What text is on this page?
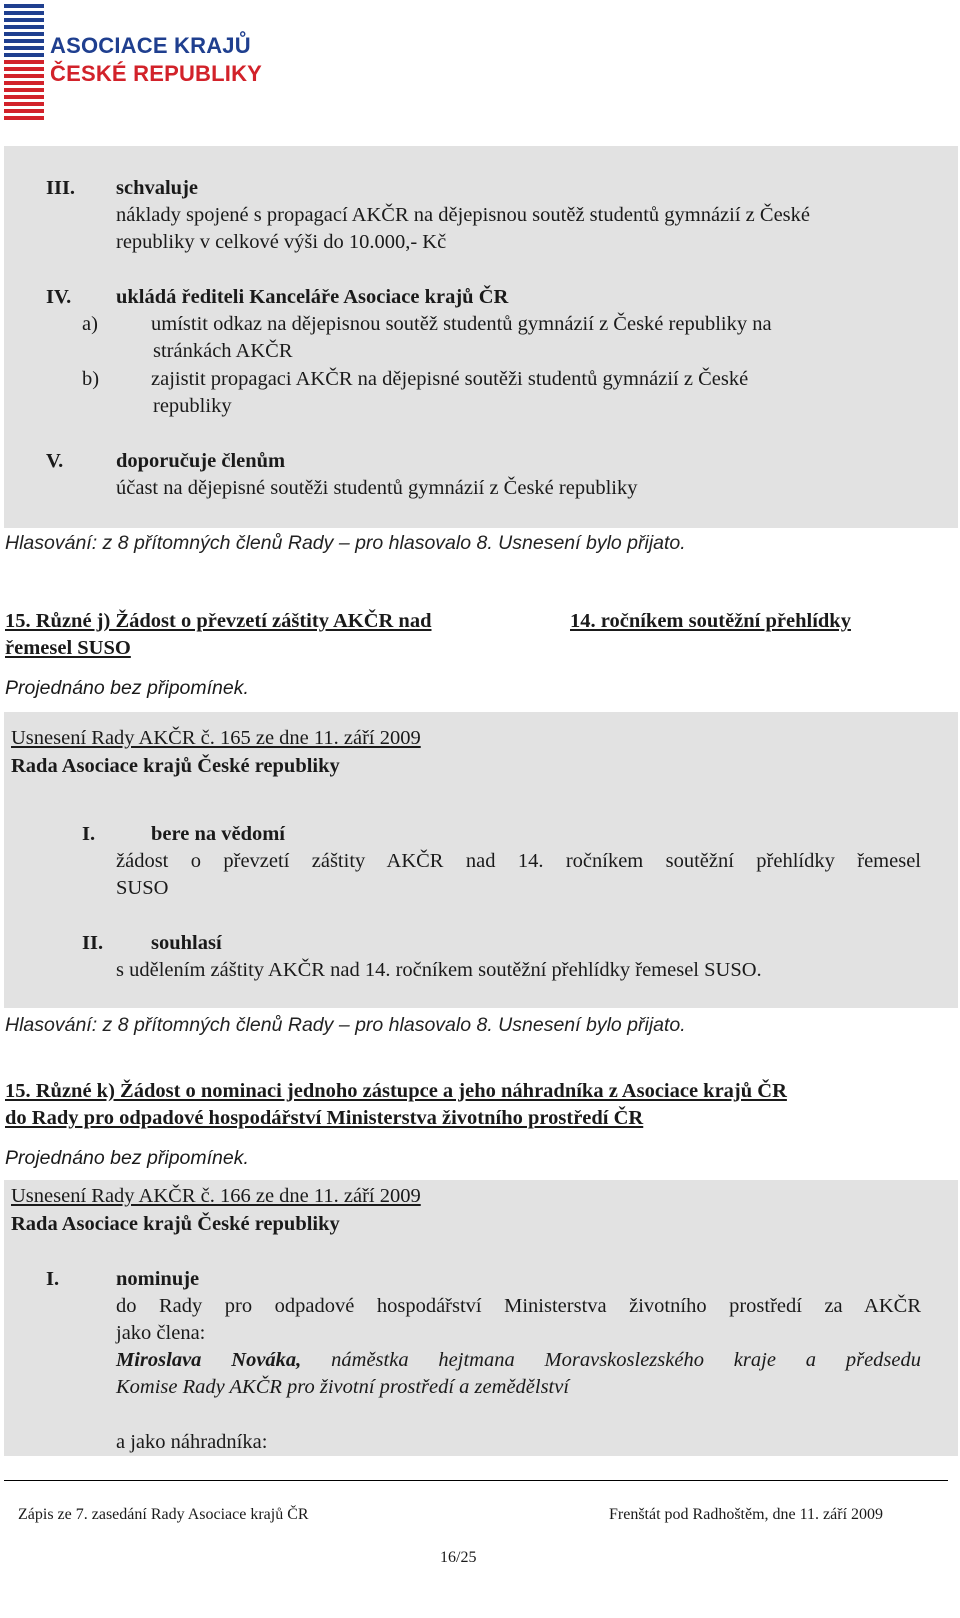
ASOCIACE KRAJŮ
ČESKÉ REPUBLIKY
III. schvaluje
náklady spojené s propagací AKČR na dějepisnou soutěž studentů gymnázií z České
republiky v celkové výši do 10.000,- Kč
IV. ukládá řediteli Kanceláře Asociace krajů ČR
a)	umístit odkaz na dějepisnou soutěž studentů gymnázií z České republiky na
stránkách AKČR
b)	zajistit propagaci AKČR na dějepisné soutěži studentů gymnázií z České
republiky
V.	doporučuje členům
účast na dějepisné soutěži studentů gymnázií z České republiky
Hlasování: z 8 přítomných členů Rady – pro hlasovalo 8. Usnesení bylo přijato.
15. Různé j) Žádost o převzetí záštity AKČR nad	14. ročníkem soutěžní přehlídky
řemesel SUSO
Projednáno bez připomínek.
Usnesení Rady AKČR č. 165 ze dne 11. září 2009
Rada Asociace krajů České republiky
I.	bere na vědomí
žádost o převzetí záštity AKČR nad 14. ročníkem soutěžní přehlídky řemesel
SUSO
II. souhlasí
s udělením záštity AKČR nad 14. ročníkem soutěžní přehlídky řemesel SUSO.
Hlasování: z 8 přítomných členů Rady – pro hlasovalo 8. Usnesení bylo přijato.
15. Různé k) Žádost o nominaci jednoho zástupce a jeho náhradníka z Asociace krajů ČR
do Rady pro odpadové hospodářství Ministerstva životního prostředí ČR
Projednáno bez připomínek.
Usnesení Rady AKČR č. 166 ze dne 11. září 2009
Rada Asociace krajů České republiky
I.	nominuje
do Rady pro odpadové hospodářství Ministerstva životního prostředí za AKČR
jako člena:
Miroslava Nováka, náměstka hejtmana Moravskoslezského kraje a předsedu
Komise Rady AKČR pro životní prostředí a zemědělství
a jako náhradníka:
Zápis ze 7. zasedání Rady Asociace krajů ČR	Frenštát pod Radhoštěm, dne 11. září 2009
16/25
